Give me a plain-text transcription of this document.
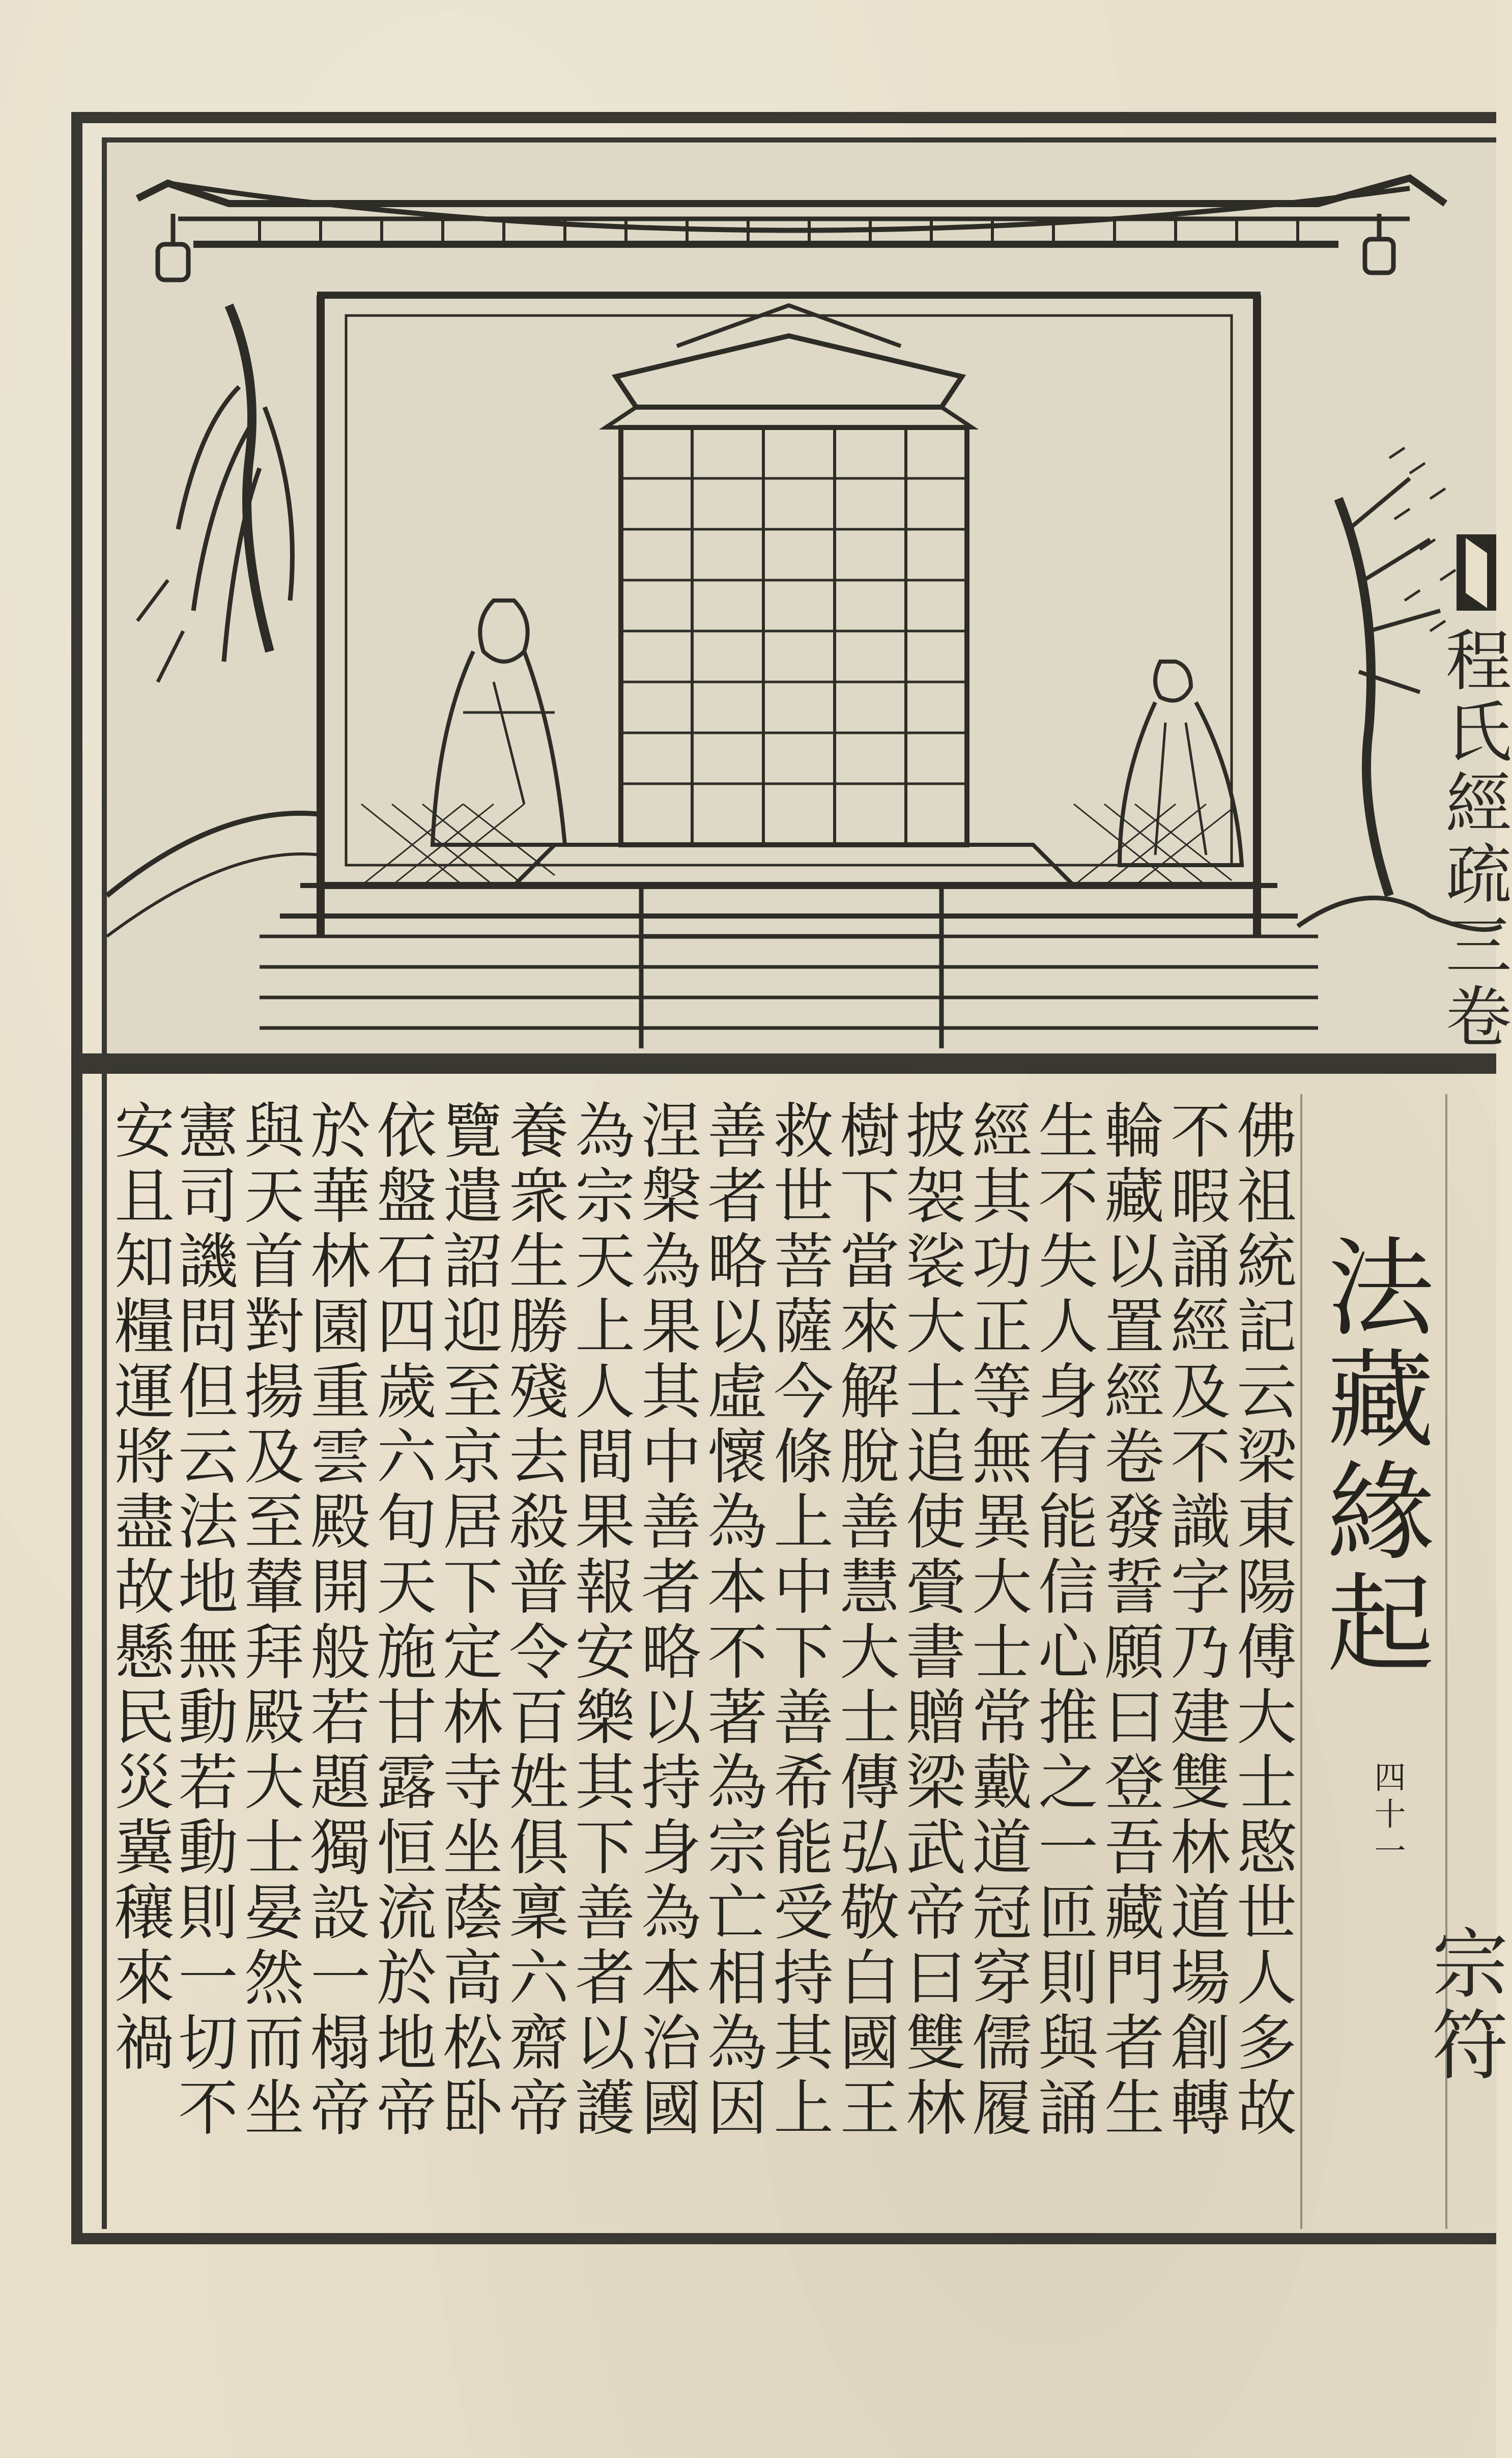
程氏經疏三卷
宗符
法藏緣起
四十一
佛祖統記云梁東陽傅大士愍世人多故
不暇誦經及不識字乃建雙林道場創轉
輪藏以置經卷發誓願曰登吾藏門者生
生不失人身有能信心推之一匝則與誦
經其功正等無異大士常戴道冠穿儒履
披袈裟大士追使賫書贈梁武帝曰雙林
樹下當來解脫善慧大士傳弘敬白國王
救世菩薩今條上中下善希能受持其上
善者略以虛懷為本不著為宗亡相為因
涅槃為果其中善者略以持身為本治國
為宗天上人間果報安樂其下善者以護
養衆生勝殘去殺普令百姓俱稟六齋帝
覽遣詔迎至京居下定林寺坐蔭高松卧
依盤石四歲六旬天施甘露恒流於地帝
於華林園重雲殿開般若題獨設一榻帝
與天首對揚及至輦拜殿大士晏然而坐
憲司譏問但云法地無動若動則一切不
安且知糧運將盡故懸民災冀穰來禍
